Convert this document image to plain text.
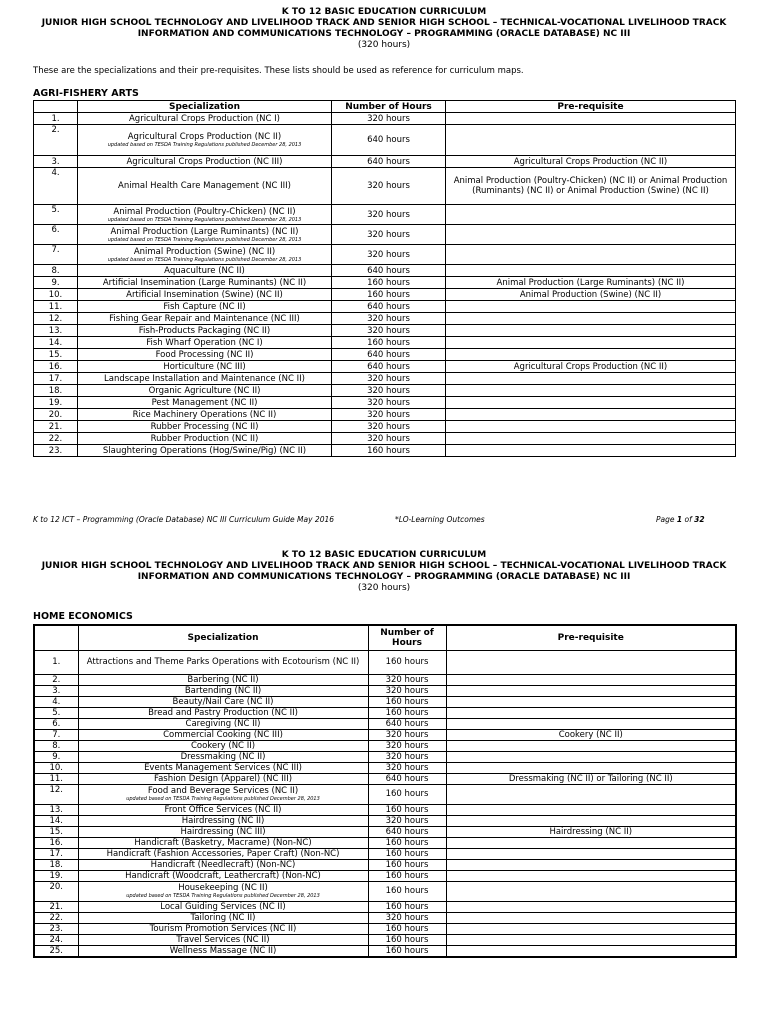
K TO 12 BASIC EDUCATION CURRICULUM
JUNIOR HIGH SCHOOL TECHNOLOGY AND LIVELIHOOD TRACK AND SENIOR HIGH SCHOOL – TECHNICAL-VOCATIONAL LIVELIHOOD TRACK
INFORMATION AND COMMUNICATIONS TECHNOLOGY – PROGRAMMING (ORACLE DATABASE) NC III
(320 hours)
These are the specializations and their pre-requisites. These lists should be used as reference for curriculum maps.
AGRI-FISHERY ARTS
	Specialization	Number of Hours	Pre-requisite
1.	Agricultural Crops Production (NC I)	320 hours	
2.	Agricultural Crops Production (NC II)
updated based on TESDA Training Regulations published December 28, 2013	640 hours	
3.	Agricultural Crops Production (NC III)	640 hours	Agricultural Crops Production (NC II)
4.	Animal Health Care Management (NC III)	320 hours	Animal Production (Poultry-Chicken) (NC II) or Animal Production (Ruminants) (NC II) or Animal Production (Swine) (NC II)
5.	Animal Production (Poultry-Chicken) (NC II)
updated based on TESDA Training Regulations published December 28, 2013	320 hours	
6.	Animal Production (Large Ruminants) (NC II)
updated based on TESDA Training Regulations published December 28, 2013	320 hours	
7.	Animal Production (Swine) (NC II)
updated based on TESDA Training Regulations published December 28, 2013	320 hours	
8.	Aquaculture (NC II)	640 hours	
9.	Artificial Insemination (Large Ruminants) (NC II)	160 hours	Animal Production (Large Ruminants) (NC II)
10.	Artificial Insemination (Swine) (NC II)	160 hours	Animal Production (Swine) (NC II)
11.	Fish Capture (NC II)	640 hours	
12.	Fishing Gear Repair and Maintenance (NC III)	320 hours	
13.	Fish-Products Packaging (NC II)	320 hours	
14.	Fish Wharf Operation (NC I)	160 hours	
15.	Food Processing (NC II)	640 hours	
16.	Horticulture (NC III)	640 hours	Agricultural Crops Production (NC II)
17.	Landscape Installation and Maintenance (NC II)	320 hours	
18.	Organic Agriculture (NC II)	320 hours	
19.	Pest Management (NC II)	320 hours	
20.	Rice Machinery Operations (NC II)	320 hours	
21.	Rubber Processing (NC II)	320 hours	
22.	Rubber Production (NC II)	320 hours	
23.	Slaughtering Operations (Hog/Swine/Pig) (NC II)	160 hours	
K to 12 ICT – Programming (Oracle Database) NC III Curriculum Guide May 2016	*LO-Learning Outcomes	Page 1 of 32
K TO 12 BASIC EDUCATION CURRICULUM
JUNIOR HIGH SCHOOL TECHNOLOGY AND LIVELIHOOD TRACK AND SENIOR HIGH SCHOOL – TECHNICAL-VOCATIONAL LIVELIHOOD TRACK
INFORMATION AND COMMUNICATIONS TECHNOLOGY – PROGRAMMING (ORACLE DATABASE) NC III
(320 hours)
HOME ECONOMICS
	Specialization	Number of Hours	Pre-requisite
1.	Attractions and Theme Parks Operations with Ecotourism (NC II)	160 hours	
2.	Barbering (NC II)	320 hours	
3.	Bartending (NC II)	320 hours	
4.	Beauty/Nail Care (NC II)	160 hours	
5.	Bread and Pastry Production (NC II)	160 hours	
6.	Caregiving (NC II)	640 hours	
7.	Commercial Cooking (NC III)	320 hours	Cookery (NC II)
8.	Cookery (NC II)	320 hours	
9.	Dressmaking (NC II)	320 hours	
10.	Events Management Services (NC III)	320 hours	
11.	Fashion Design (Apparel) (NC III)	640 hours	Dressmaking (NC II) or Tailoring (NC II)
12.	Food and Beverage Services (NC II)
updated based on TESDA Training Regulations published December 28, 2013	160 hours	
13.	Front Office Services (NC II)	160 hours	
14.	Hairdressing (NC II)	320 hours	
15.	Hairdressing (NC III)	640 hours	Hairdressing (NC II)
16.	Handicraft (Basketry, Macrame) (Non-NC)	160 hours	
17.	Handicraft (Fashion Accessories, Paper Craft) (Non-NC)	160 hours	
18.	Handicraft (Needlecraft) (Non-NC)	160 hours	
19.	Handicraft (Woodcraft, Leathercraft) (Non-NC)	160 hours	
20.	Housekeeping (NC II)
updated based on TESDA Training Regulations published December 28, 2013	160 hours	
21.	Local Guiding Services (NC II)	160 hours	
22.	Tailoring (NC II)	320 hours	
23.	Tourism Promotion Services (NC II)	160 hours	
24.	Travel Services (NC II)	160 hours	
25.	Wellness Massage (NC II)	160 hours	
